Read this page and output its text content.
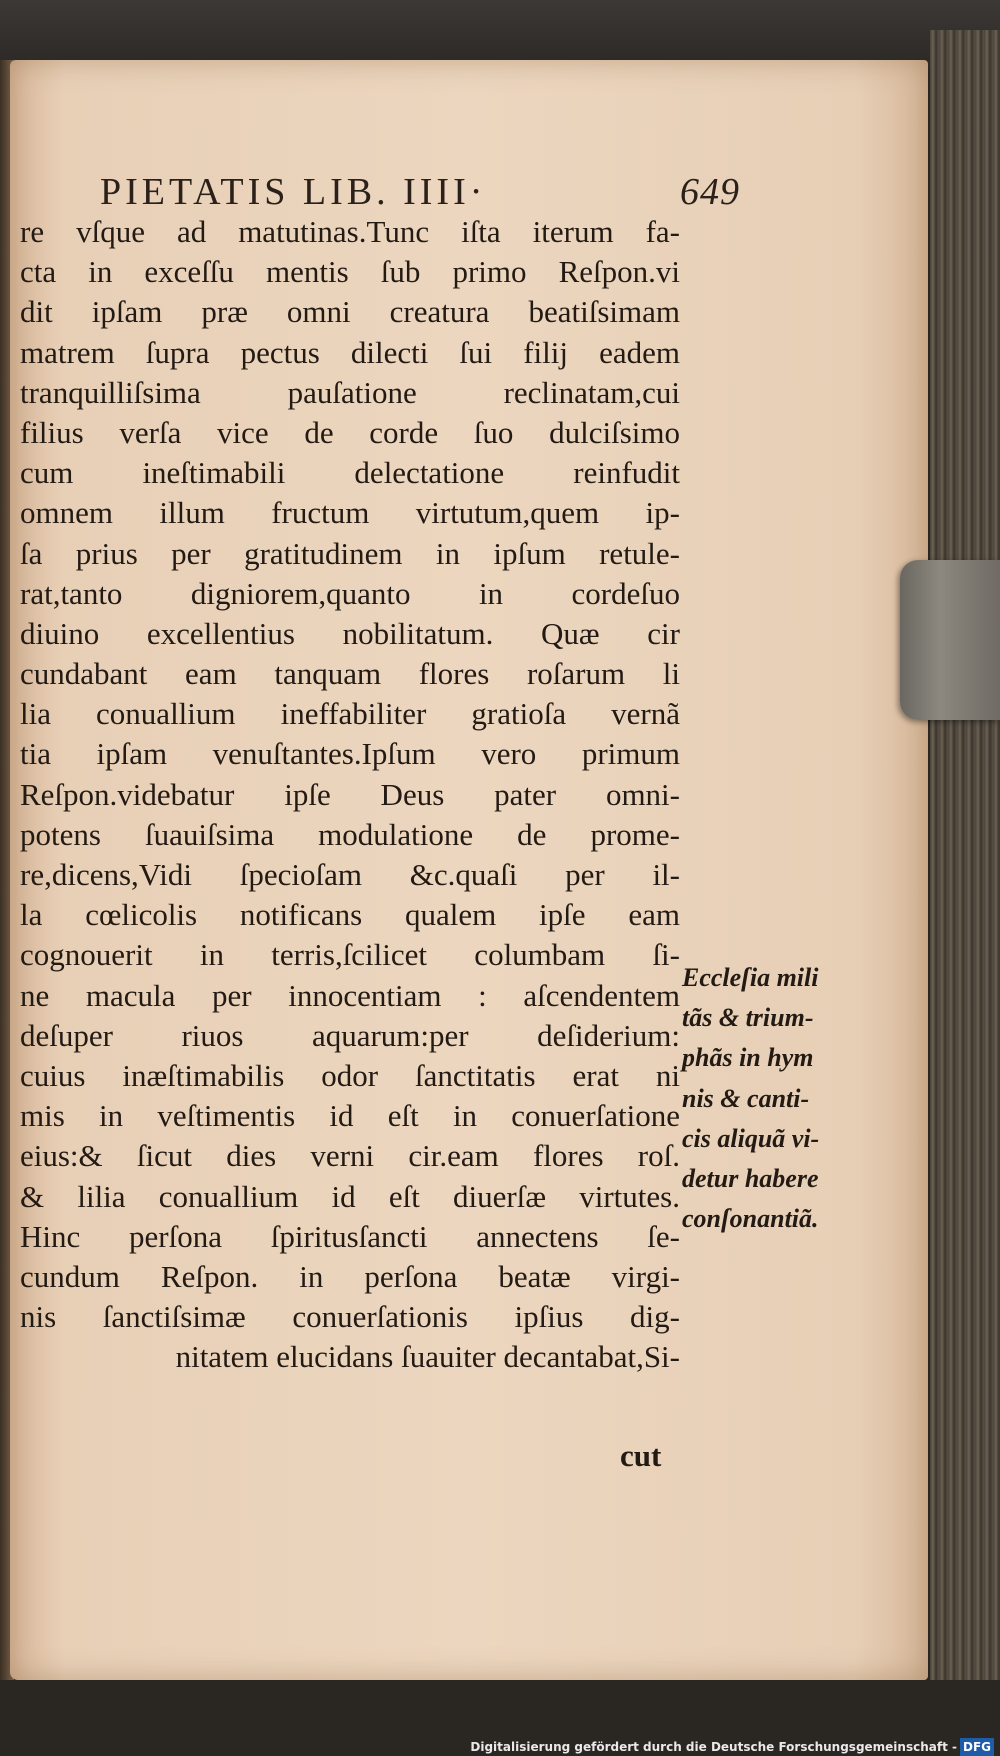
PIETATIS LIB. IIII·	649
re vſque ad matutinas.Tunc iſta iterum fa-
cta in exceſſu mentis ſub primo Reſpon.vi
dit ipſam præ omni creatura beatiſsimam
matrem ſupra pectus dilecti ſui filij eadem
tranquilliſsima pauſatione reclinatam,cui
filius verſa vice de corde ſuo dulciſsimo
cum ineſtimabili delectatione reinfudit
omnem illum fructum virtutum,quem ip-
ſa prius per gratitudinem in ipſum retule-
rat,tanto digniorem,quanto in cordeſuo
diuino excellentius nobilitatum. Quæ cir
cundabant eam tanquam flores roſarum li
lia conuallium ineffabiliter gratioſa vernã
tia ipſam venuſtantes.Ipſum vero primum
Reſpon.videbatur ipſe Deus pater omni-
potens ſuauiſsima modulatione de prome-
re,dicens,Vidi ſpecioſam &c.quaſi per il-
la cœlicolis notificans qualem ipſe eam
cognouerit in terris,ſcilicet columbam ſi-
ne macula per innocentiam : aſcendentem
deſuper riuos aquarum:per deſiderium:
cuius inæſtimabilis odor ſanctitatis erat ni
mis in veſtimentis id eſt in conuerſatione
eius:& ſicut dies verni cir.eam flores roſ.
& lilia conuallium id eſt diuerſæ virtutes.
Hinc perſona ſpiritusſancti annectens ſe-
cundum Reſpon. in perſona beatæ virgi-
nis ſanctiſsimæ conuerſationis ipſius dig-
nitatem elucidans ſuauiter decantabat,Si-
Eccleſia mili
tãs & trium-
phãs in hym
nis & canti-
cis aliquã vi-
detur habere
conſonantiã.
cut
Digitalisierung gefördert durch die Deutsche Forschungsgemeinschaft - DFG
